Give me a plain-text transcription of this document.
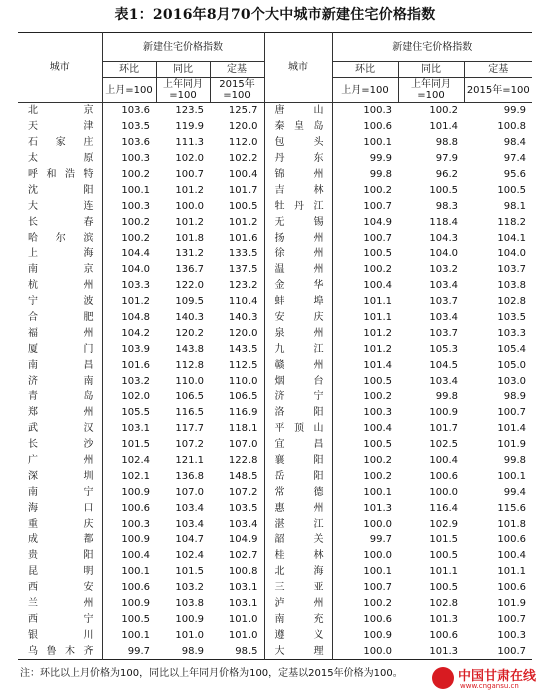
表1：2016年8月70个大中城市新建住宅价格指数
城市	新建住宅价格指数			城市	新建住宅价格指数		
	环比	同比	定基		环比	同比	定基
	上月=100	上年同月=100	2015年=100		上月=100	上年同月=100	2015年=100
北　京	103.6	123.5	125.7	唐　山	100.3	100.2	99.9
天　津	103.5	119.9	120.0	秦皇岛	100.6	101.4	100.8
石家庄	103.6	111.3	112.0	包　头	100.1	98.8	98.4
太　原	100.3	102.0	102.2	丹　东	99.9	97.9	97.4
呼和浩特	100.2	100.7	100.4	锦　州	99.8	96.2	95.6
沈　阳	100.1	101.2	101.7	吉　林	100.2	100.5	100.5
大　连	100.3	100.0	100.5	牡丹江	100.7	98.3	98.1
长　春	100.2	101.2	101.2	无　锡	104.9	118.4	118.2
哈尔滨	100.2	101.8	101.6	扬　州	100.7	104.3	104.1
上　海	104.4	131.2	133.5	徐　州	100.5	104.0	104.0
南　京	104.0	136.7	137.5	温　州	100.2	103.2	103.7
杭　州	103.3	122.0	123.2	金　华	100.4	103.4	103.8
宁　波	101.2	109.5	110.4	蚌　埠	101.1	103.7	102.8
合　肥	104.8	140.3	140.3	安　庆	101.1	103.4	103.5
福　州	104.2	120.2	120.0	泉　州	101.2	103.7	103.3
厦　门	103.9	143.8	143.5	九　江	101.2	105.3	105.4
南　昌	101.6	112.8	112.5	赣　州	101.4	104.5	105.0
济　南	103.2	110.0	110.0	烟　台	100.5	103.4	103.0
青　岛	102.0	106.5	106.5	济　宁	100.2	99.8	98.9
郑　州	105.5	116.5	116.9	洛　阳	100.3	100.9	100.7
武　汉	103.1	117.7	118.1	平顶山	100.4	101.7	101.4
长　沙	101.5	107.2	107.0	宜　昌	100.5	102.5	101.9
广　州	102.4	121.1	122.8	襄　阳	100.2	100.4	99.8
深　圳	102.1	136.8	148.5	岳　阳	100.2	100.6	100.1
南　宁	100.9	107.0	107.2	常　德	100.1	100.0	99.4
海　口	100.6	103.4	103.5	惠　州	101.3	116.4	115.6
重　庆	100.3	103.4	103.4	湛　江	100.0	102.9	101.8
成　都	100.9	104.7	104.9	韶　关	99.7	101.5	100.6
贵　阳	100.4	102.4	102.7	桂　林	100.0	100.5	100.4
昆　明	100.1	101.5	100.8	北　海	100.1	101.1	101.1
西　安	100.6	103.2	103.1	三　亚	100.7	100.5	100.6
兰　州	100.9	103.8	103.1	泸　州	100.2	102.8	101.9
西　宁	100.5	100.9	101.0	南　充	100.6	101.3	100.7
银　川	100.1	101.0	101.0	遵　义	100.9	100.6	100.3
乌鲁木齐	99.7	98.9	98.5	大　理	100.0	101.3	100.7
注：环比以上月价格为100，同比以上年同月价格为100，定基以2015年价格为100。	中国甘肃在线
www.cngansu.cn
